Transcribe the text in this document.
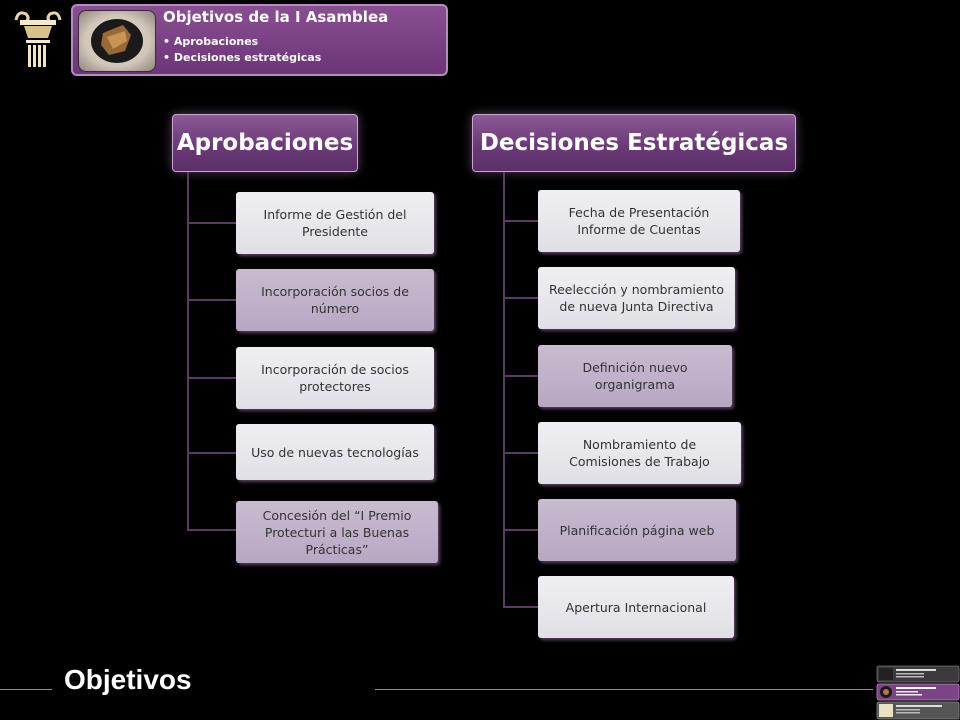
Objetivos de la I Asamblea
• Aprobaciones
• Decisiones estratégicas
Aprobaciones
Informe de Gestión del Presidente
Incorporación socios de número
Incorporación de socios protectores
Uso de nuevas tecnologías
Concesión del “I Premio Protecturi a las Buenas Prácticas”
Decisiones Estratégicas
Fecha de Presentación Informe de Cuentas
Reelección y nombramiento de nueva Junta Directiva
Definición nuevo organigrama
Nombramiento de Comisiones de Trabajo
Planificación página web
Apertura Internacional
Objetivos
